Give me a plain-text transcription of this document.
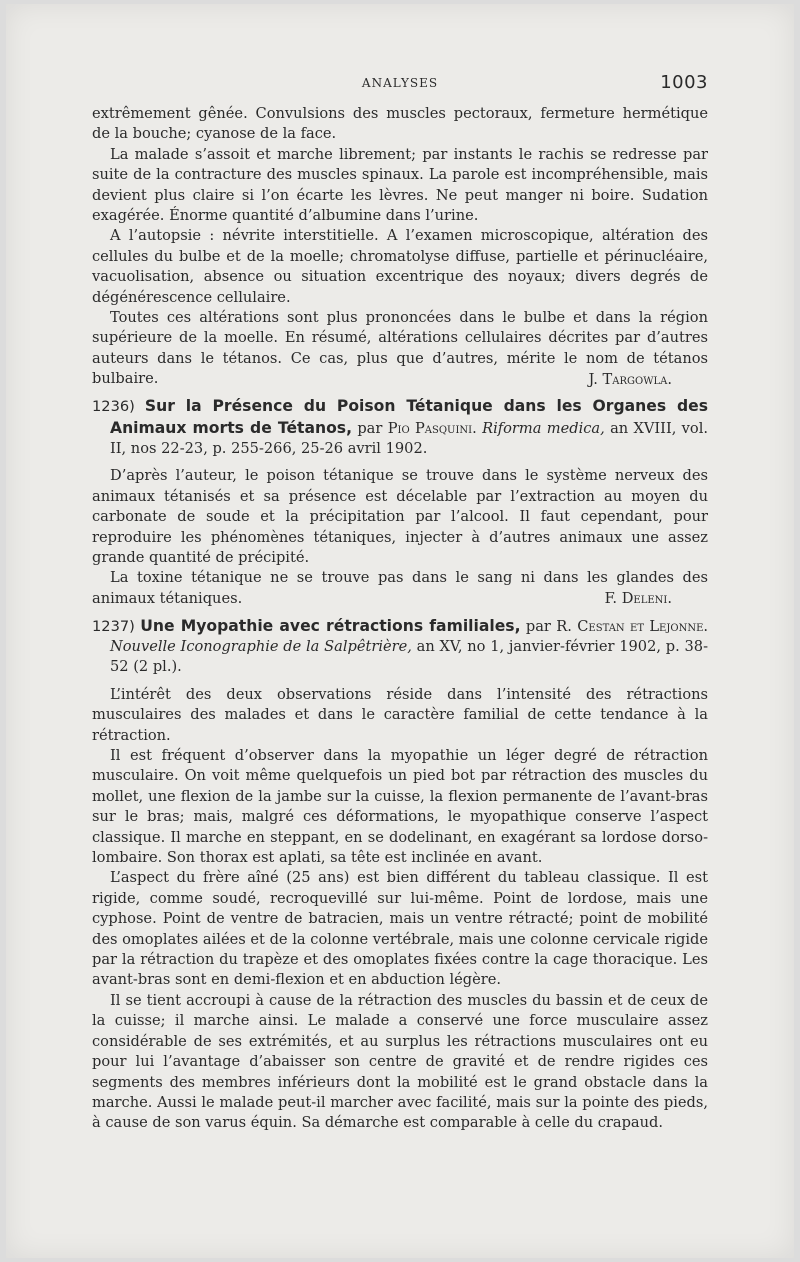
ANALYSES	1003

extrêmement gênée. Convulsions des muscles pectoraux, fermeture hermétique de la bouche; cyanose de la face.

La malade s’assoit et marche librement; par instants le rachis se redresse par suite de la contracture des muscles spinaux. La parole est incompréhensible, mais devient plus claire si l’on écarte les lèvres. Ne peut manger ni boire. Sudation exagérée. Énorme quantité d’albumine dans l’urine.

A l’autopsie : névrite interstitielle. A l’examen microscopique, altération des cellules du bulbe et de la moelle; chromatolyse diffuse, partielle et périnucléaire, vacuolisation, absence ou situation excentrique des noyaux; divers degrés de dégénérescence cellulaire.

Toutes ces altérations sont plus prononcées dans le bulbe et dans la région supérieure de la moelle. En résumé, altérations cellulaires décrites par d’autres auteurs dans le tétanos. Ce cas, plus que d’autres, mérite le nom de tétanos bulbaire.	J. Targowla.

1236) Sur la Présence du Poison Tétanique dans les Organes des Animaux morts de Tétanos, par Pio Pasquini. Riforma medica, an XVIII, vol. II, nos 22-23, p. 255-266, 25-26 avril 1902.

D’après l’auteur, le poison tétanique se trouve dans le système nerveux des animaux tétanisés et sa présence est décelable par l’extraction au moyen du carbonate de soude et la précipitation par l’alcool. Il faut cependant, pour reproduire les phénomènes tétaniques, injecter à d’autres animaux une assez grande quantité de précipité.

La toxine tétanique ne se trouve pas dans le sang ni dans les glandes des animaux tétaniques.	F. Deleni.

1237) Une Myopathie avec rétractions familiales, par R. Cestan et Lejonne. Nouvelle Iconographie de la Salpêtrière, an XV, no 1, janvier-février 1902, p. 38-52 (2 pl.).

L’intérêt des deux observations réside dans l’intensité des rétractions musculaires des malades et dans le caractère familial de cette tendance à la rétraction.

Il est fréquent d’observer dans la myopathie un léger degré de rétraction musculaire. On voit même quelquefois un pied bot par rétraction des muscles du mollet, une flexion de la jambe sur la cuisse, la flexion permanente de l’avant-bras sur le bras; mais, malgré ces déformations, le myopathique conserve l’aspect classique. Il marche en steppant, en se dodelinant, en exagérant sa lordose dorso-lombaire. Son thorax est aplati, sa tête est inclinée en avant.

L’aspect du frère aîné (25 ans) est bien différent du tableau classique. Il est rigide, comme soudé, recroquevillé sur lui-même. Point de lordose, mais une cyphose. Point de ventre de batracien, mais un ventre rétracté; point de mobilité des omoplates ailées et de la colonne vertébrale, mais une colonne cervicale rigide par la rétraction du trapèze et des omoplates fixées contre la cage thoracique. Les avant-bras sont en demi-flexion et en abduction légère.

Il se tient accroupi à cause de la rétraction des muscles du bassin et de ceux de la cuisse; il marche ainsi. Le malade a conservé une force musculaire assez considérable de ses extrémités, et au surplus les rétractions musculaires ont eu pour lui l’avantage d’abaisser son centre de gravité et de rendre rigides ces segments des membres inférieurs dont la mobilité est le grand obstacle dans la marche. Aussi le malade peut-il marcher avec facilité, mais sur la pointe des pieds, à cause de son varus équin. Sa démarche est comparable à celle du crapaud.
